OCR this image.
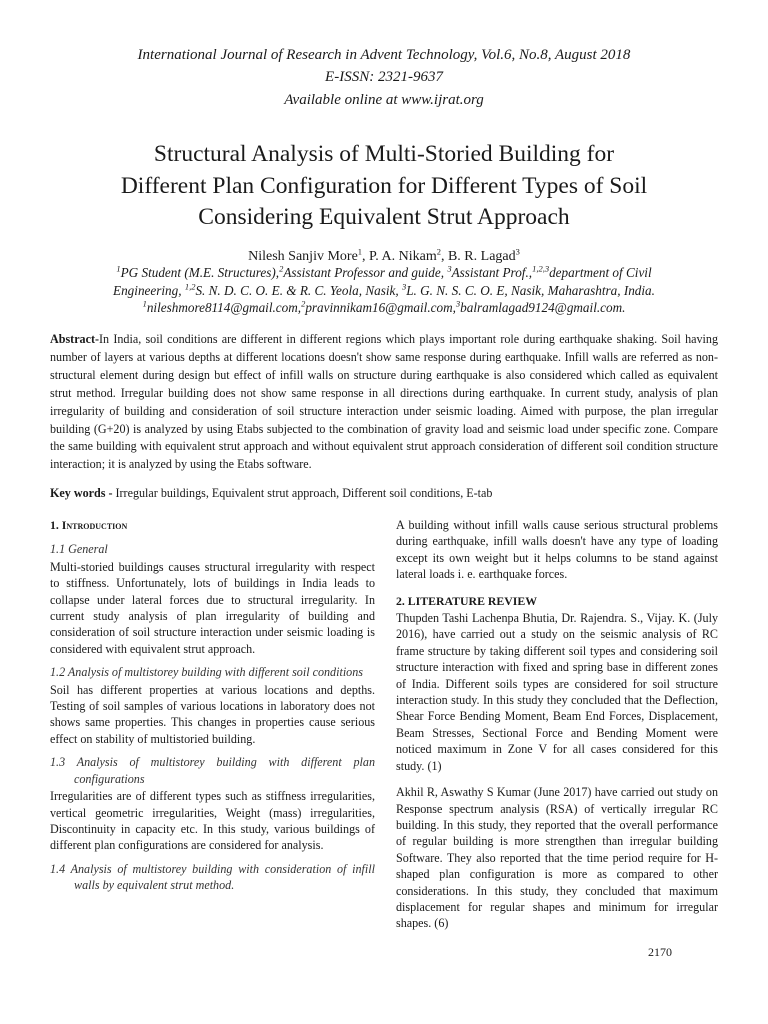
International Journal of Research in Advent Technology, Vol.6, No.8, August 2018
E-ISSN: 2321-9637
Available online at www.ijrat.org
Structural Analysis of Multi-Storied Building for
Different Plan Configuration for Different Types of Soil
Considering Equivalent Strut Approach
Nilesh Sanjiv More$^1$, P. A. Nikam$^2$, B. R. Lagad$^3$
$^1$PG Student (M.E. Structures),$^2$Assistant Professor and guide, $^3$Assistant Prof.,$^{1,2,3}$department of Civil
Engineering, $^{1,2}$S. N. D. C. O. E. & R. C. Yeola, Nasik, $^3$L. G. N. S. C. O. E, Nasik, Maharashtra, India.
$^1$nileshmore8114@gmail.com,$^2$pravinnikam16@gmail.com,$^3$balramlagad9124@gmail.com.
Abstract-In India, soil conditions are different in different regions which plays important role during earthquake shaking. Soil having number of layers at various depths at different locations doesn't show same response during earthquake. Infill walls are referred as non-structural element during design but effect of infill walls on structure during earthquake is also considered which called as equivalent strut method. Irregular building does not show same response in all directions during earthquake. In current study, analysis of plan irregularity of building and consideration of soil structure interaction under seismic loading. Aimed with purpose, the plan irregular building (G+20) is analyzed by using Etabs subjected to the combination of gravity load and seismic load under specific zone. Compare the same building with equivalent strut approach and without equivalent strut approach consideration of different soil condition structure interaction; it is analyzed by using the Etabs software.
Key words - Irregular buildings, Equivalent strut approach, Different soil conditions, E-tab

1. Introduction

1.1 General

Multi-storied buildings causes structural irregularity with respect to stiffness. Unfortunately, lots of buildings in India leads to collapse under lateral forces due to structural irregularity. In current study analysis of plan irregularity of building and consideration of soil structure interaction under seismic loading is considered with equivalent strut approach.

1.2 Analysis of multistorey building with different soil conditions

Soil has different properties at various locations and depths. Testing of soil samples of various locations in laboratory does not shows same properties. This changes in properties cause serious effect on stability of multistoried building.

1.3 Analysis of multistorey building with different plan configurations

Irregularities are of different types such as stiffness irregularities, vertical geometric irregularities, Weight (mass) irregularities, Discontinuity in capacity etc. In this study, various buildings of different plan configurations are considered for analysis.

1.4 Analysis of multistorey building with consideration of infill walls by equivalent strut method.

A building without infill walls cause serious structural problems during earthquake, infill walls doesn't have any type of loading except its own weight but it helps columns to be stand against lateral loads i. e. earthquake forces.

2. LITERATURE REVIEW

Thupden Tashi Lachenpa Bhutia, Dr. Rajendra. S., Vijay. K. (July 2016), have carried out a study on the seismic analysis of RC frame structure by taking different soil types and considering soil structure interaction with fixed and spring base in different zones of India. Different soils types are considered for soil structure interaction study. In this study they concluded that the Deflection, Shear Force Bending Moment, Beam End Forces, Displacement, Beam Stresses, Sectional Force and Bending Moment were noticed maximum in Zone V for all cases considered for this study. (1)

Akhil R, Aswathy S Kumar (June 2017) have carried out study on Response spectrum analysis (RSA) of vertically irregular RC building. In this study, they reported that the overall performance of regular building is more strengthen than irregular building Software. They also reported that the time period require for H-shaped plan configuration is more as compared to other considerations. In this study, they concluded that maximum displacement for regular shapes and minimum for irregular shapes. (6)

2170
